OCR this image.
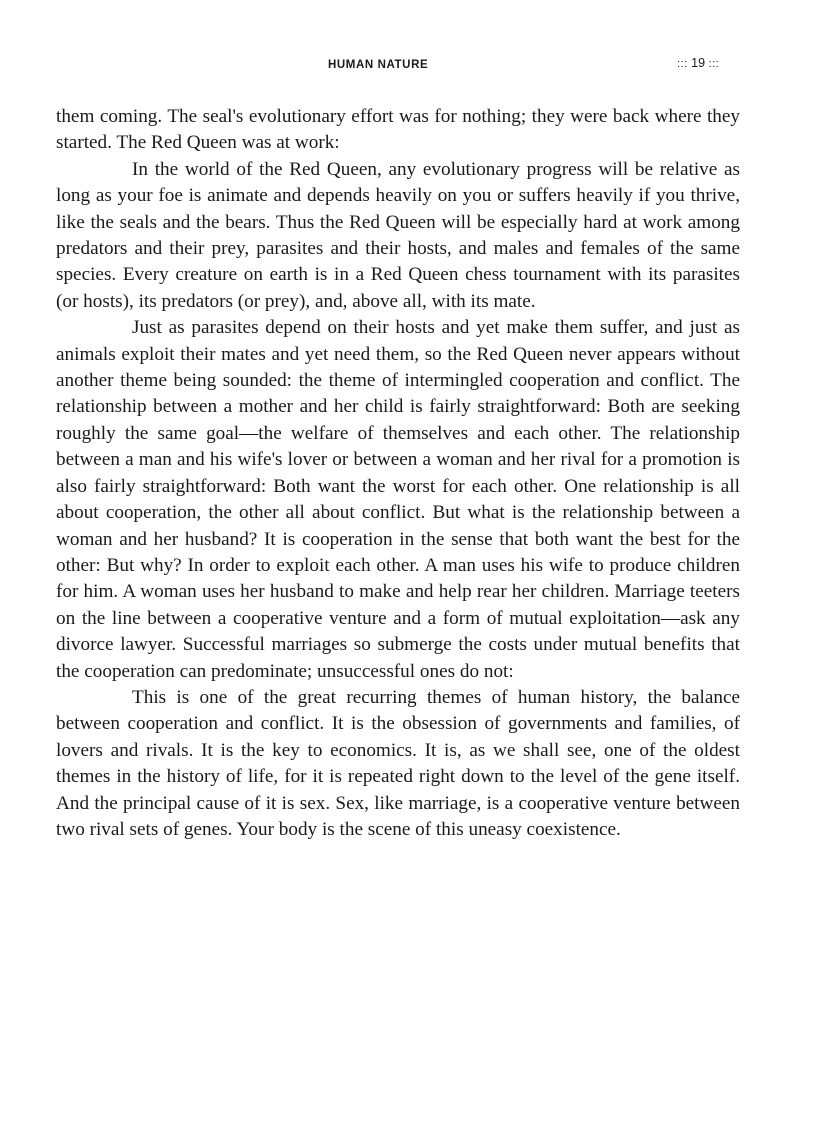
HUMAN NATURE	::: 19 :::

them coming. The seal's evolutionary effort was for nothing; they were back where they started. The Red Queen was at work:

In the world of the Red Queen, any evolutionary progress will be relative as long as your foe is animate and depends heavily on you or suffers heavily if you thrive, like the seals and the bears. Thus the Red Queen will be especially hard at work among predators and their prey, parasites and their hosts, and males and females of the same species. Every creature on earth is in a Red Queen chess tournament with its parasites (or hosts), its predators (or prey), and, above all, with its mate.

Just as parasites depend on their hosts and yet make them suffer, and just as animals exploit their mates and yet need them, so the Red Queen never appears without another theme being sounded: the theme of intermingled cooperation and conflict. The relationship between a mother and her child is fairly straightforward: Both are seeking roughly the same goal—the welfare of themselves and each other. The relationship between a man and his wife's lover or between a woman and her rival for a promotion is also fairly straightforward: Both want the worst for each other. One relationship is all about cooperation, the other all about conflict. But what is the relationship between a woman and her husband? It is cooperation in the sense that both want the best for the other: But why? In order to exploit each other. A man uses his wife to produce children for him. A woman uses her husband to make and help rear her children. Marriage teeters on the line between a cooperative venture and a form of mutual exploitation—ask any divorce lawyer. Successful marriages so submerge the costs under mutual benefits that the cooperation can predominate; unsuccessful ones do not:

This is one of the great recurring themes of human history, the balance between cooperation and conflict. It is the obsession of governments and families, of lovers and rivals. It is the key to economics. It is, as we shall see, one of the oldest themes in the history of life, for it is repeated right down to the level of the gene itself. And the principal cause of it is sex. Sex, like marriage, is a cooperative venture between two rival sets of genes. Your body is the scene of this uneasy coexistence.
